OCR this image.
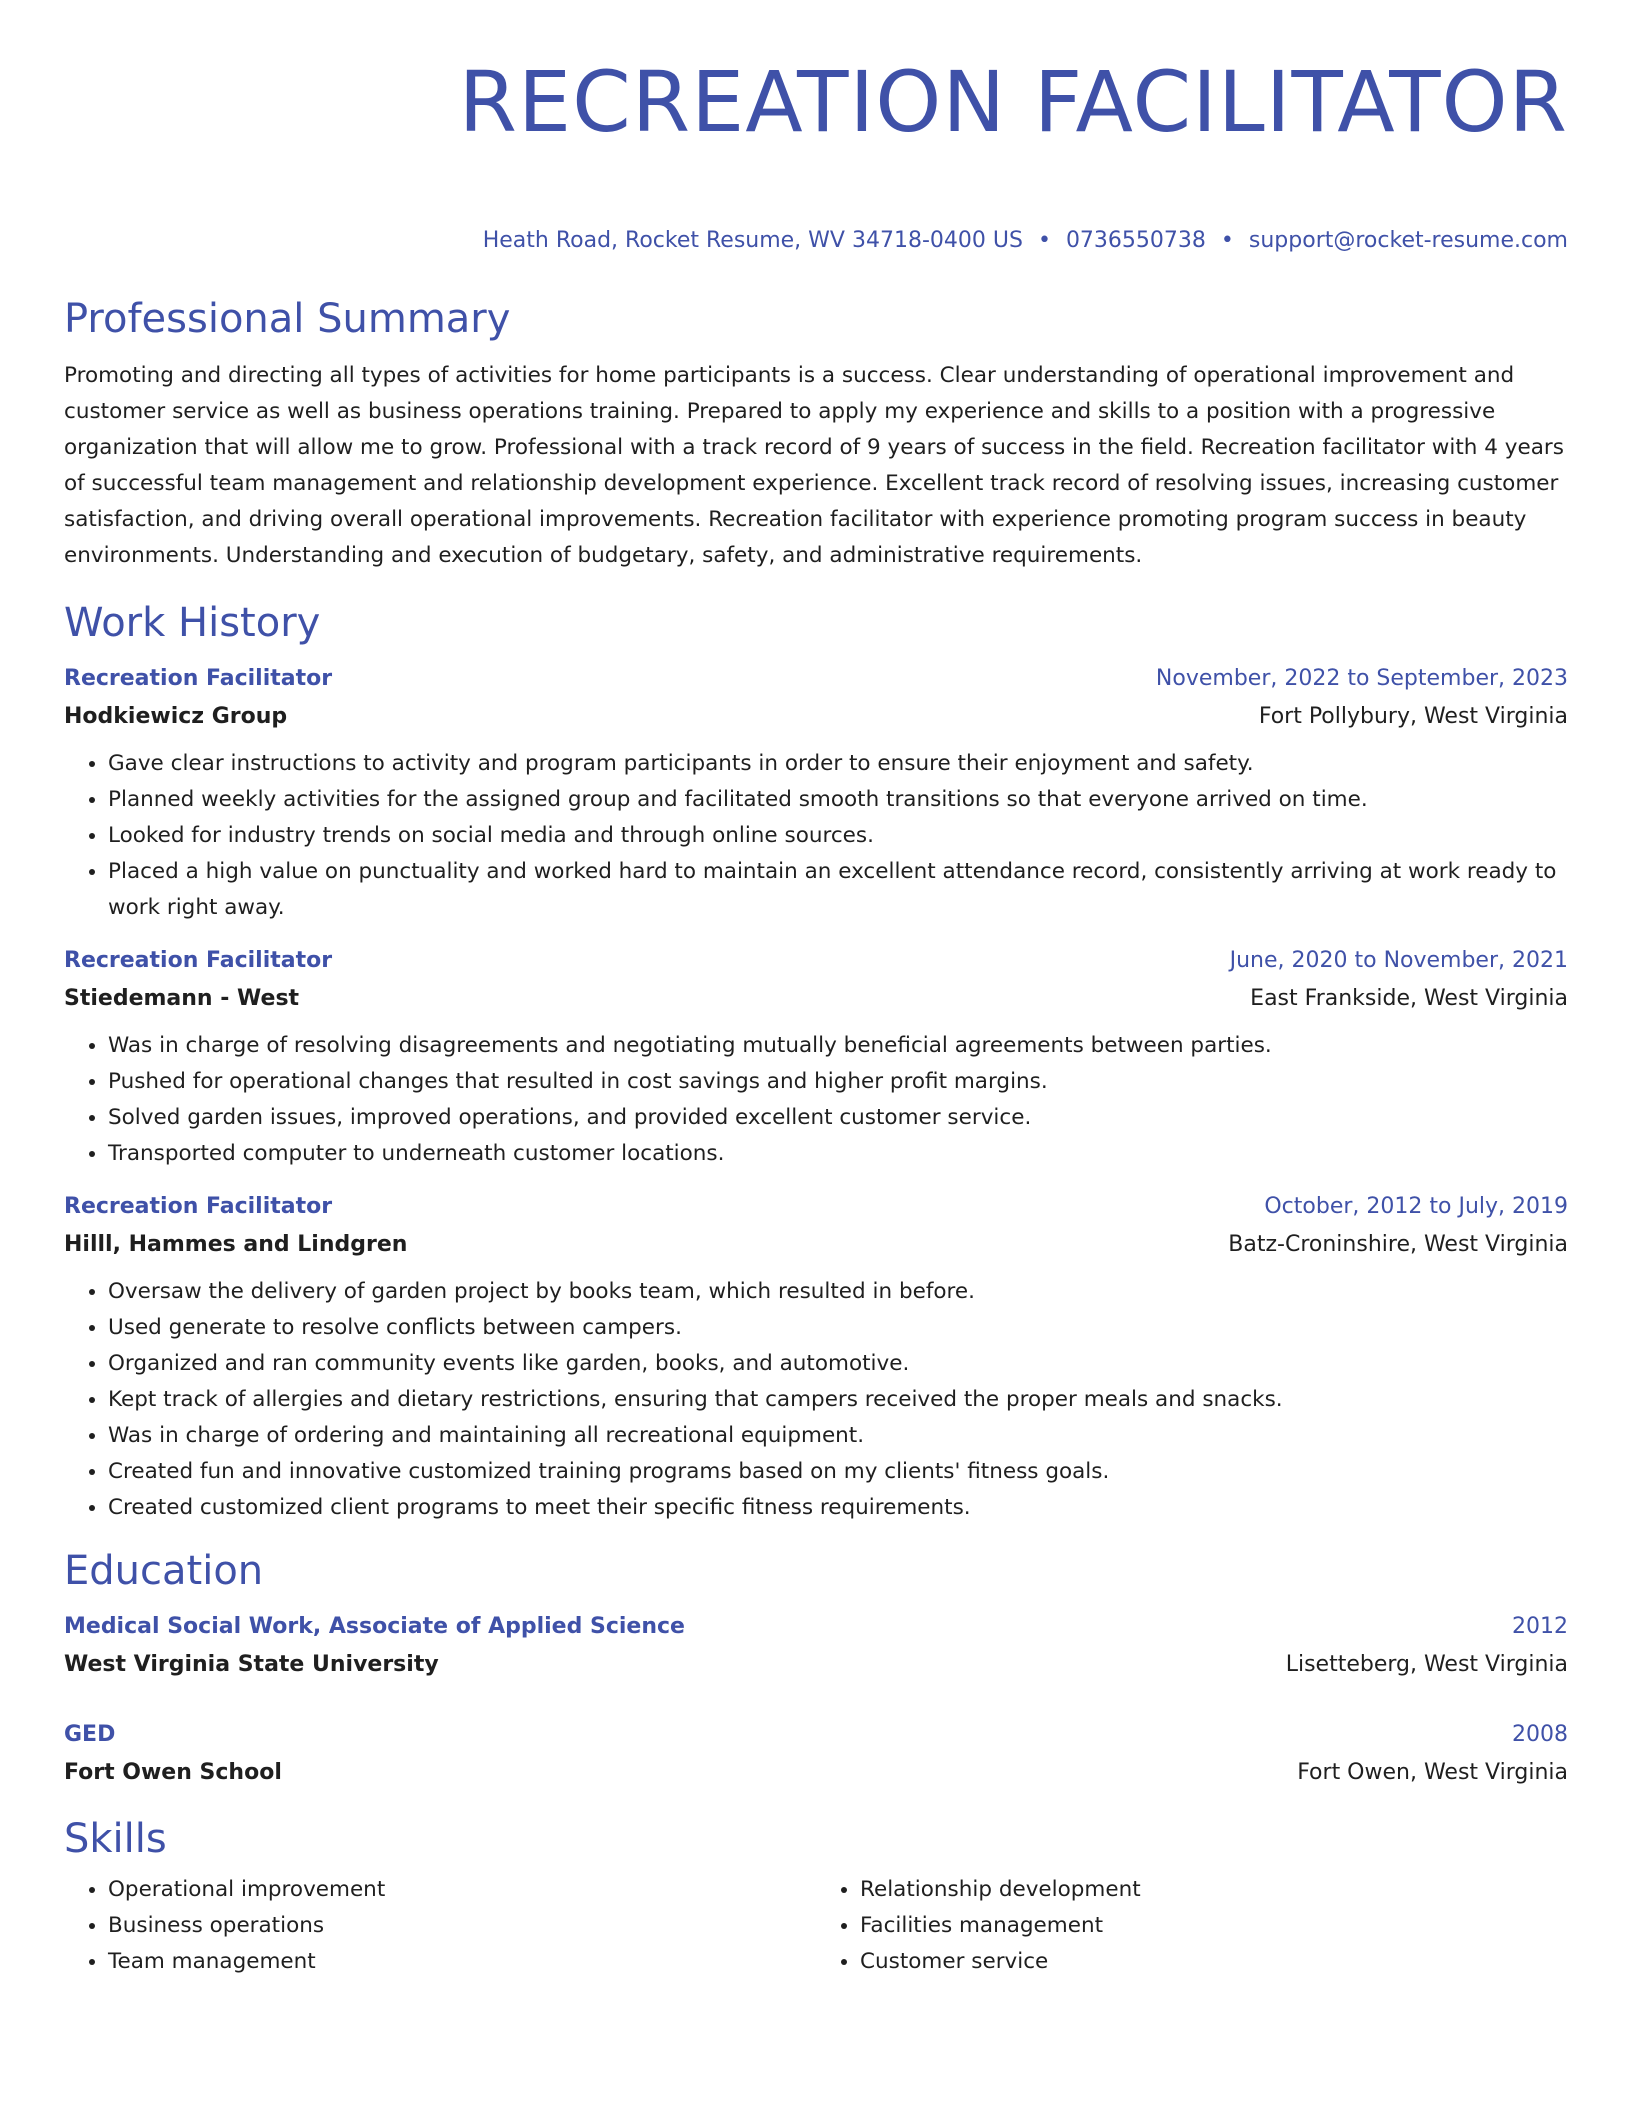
RECREATION FACILITATOR
Heath Road, Rocket Resume, WV 34718-0400 US • 0736550738 • support@rocket-resume.com
Professional Summary

Promoting and directing all types of activities for home participants is a success. Clear understanding of operational improvement and customer service as well as business operations training. Prepared to apply my experience and skills to a position with a progressive organization that will allow me to grow. Professional with a track record of 9 years of success in the field. Recreation facilitator with 4 years of successful team management and relationship development experience. Excellent track record of resolving issues, increasing customer satisfaction, and driving overall operational improvements. Recreation facilitator with experience promoting program success in beauty environments. Understanding and execution of budgetary, safety, and administrative requirements.

Work History
Recreation Facilitator	November, 2022 to September, 2023
Hodkiewicz Group	Fort Pollybury, West Virginia
• Gave clear instructions to activity and program participants in order to ensure their enjoyment and safety.
• Planned weekly activities for the assigned group and facilitated smooth transitions so that everyone arrived on time.
• Looked for industry trends on social media and through online sources.
• Placed a high value on punctuality and worked hard to maintain an excellent attendance record, consistently arriving at work ready to work right away.
Recreation Facilitator	June, 2020 to November, 2021
Stiedemann - West	East Frankside, West Virginia
• Was in charge of resolving disagreements and negotiating mutually beneficial agreements between parties.
• Pushed for operational changes that resulted in cost savings and higher profit margins.
• Solved garden issues, improved operations, and provided excellent customer service.
• Transported computer to underneath customer locations.
Recreation Facilitator	October, 2012 to July, 2019
Hilll, Hammes and Lindgren	Batz-Croninshire, West Virginia
• Oversaw the delivery of garden project by books team, which resulted in before.
• Used generate to resolve conflicts between campers.
• Organized and ran community events like garden, books, and automotive.
• Kept track of allergies and dietary restrictions, ensuring that campers received the proper meals and snacks.
• Was in charge of ordering and maintaining all recreational equipment.
• Created fun and innovative customized training programs based on my clients' fitness goals.
• Created customized client programs to meet their specific fitness requirements.
Education
Medical Social Work, Associate of Applied Science	2012
West Virginia State University	Lisetteberg, West Virginia
GED	2008
Fort Owen School	Fort Owen, West Virginia
Skills
• Operational improvement
• Business operations
• Team management
• Relationship development
• Facilities management
• Customer service
